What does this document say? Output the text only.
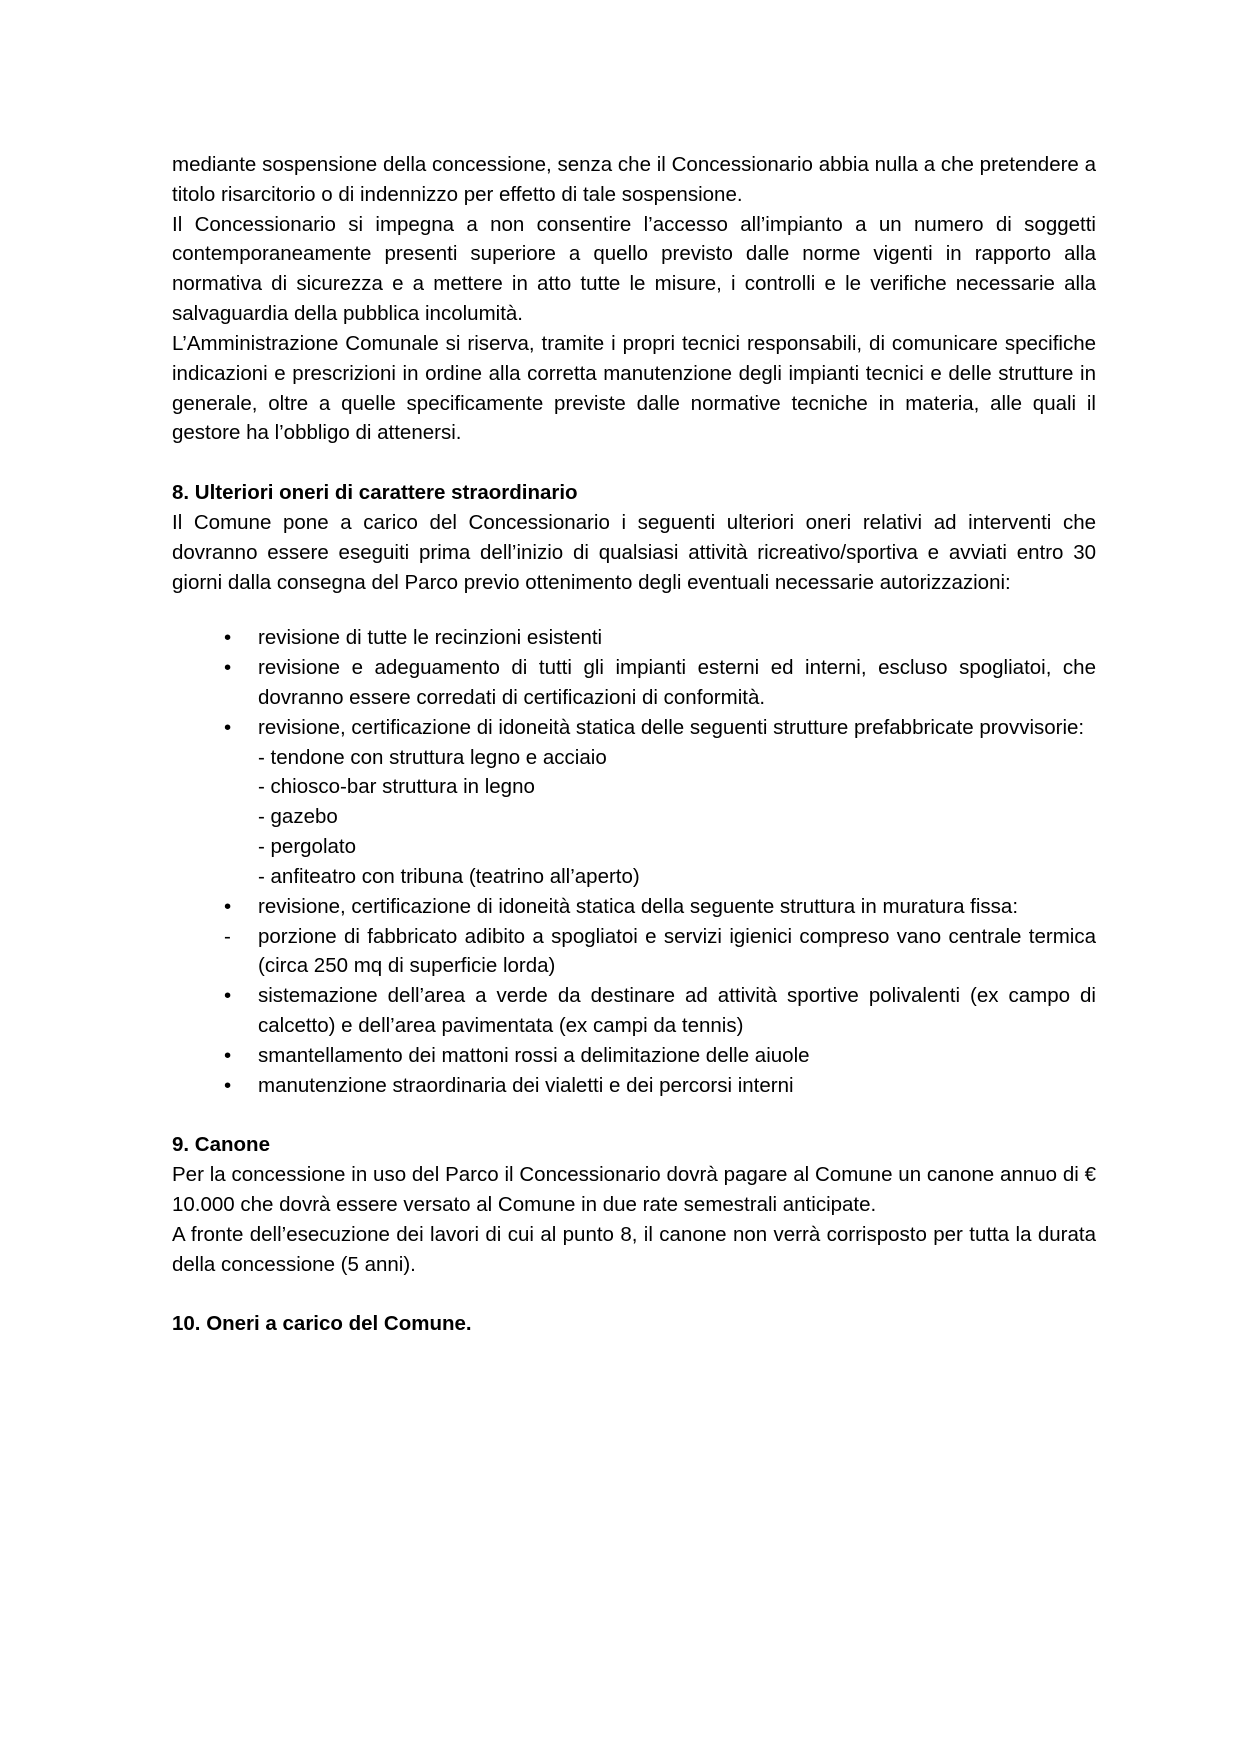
mediante sospensione della concessione, senza che il Concessionario abbia nulla a che pretendere a titolo risarcitorio o di indennizzo per effetto di tale sospensione.

Il Concessionario si impegna a non consentire l’accesso all’impianto a un numero di soggetti contemporaneamente presenti superiore a quello previsto dalle norme vigenti in rapporto alla normativa di sicurezza e a mettere in atto tutte le misure, i controlli e le verifiche necessarie alla salvaguardia della pubblica incolumità.

L’Amministrazione Comunale si riserva, tramite i propri tecnici responsabili, di comunicare specifiche indicazioni e prescrizioni in ordine alla corretta manutenzione degli impianti tecnici e delle strutture in generale, oltre a quelle specificamente previste dalle normative tecniche in materia, alle quali il gestore ha l’obbligo di attenersi.

8. Ulteriori oneri di carattere straordinario

Il Comune pone a carico del Concessionario i seguenti ulteriori oneri relativi ad interventi che dovranno essere eseguiti prima dell’inizio di qualsiasi attività ricreativo/sportiva e avviati entro 30 giorni dalla consegna del Parco previo ottenimento degli eventuali necessarie autorizzazioni:

•	revisione di tutte le recinzioni esistenti
•	revisione e adeguamento di tutti gli impianti esterni ed interni, escluso spogliatoi, che dovranno essere corredati di certificazioni di conformità.
•	revisione, certificazione di idoneità statica delle seguenti strutture prefabbricate provvisorie:

- tendone con struttura legno e acciaio

- chiosco-bar struttura in legno

- gazebo

- pergolato

- anfiteatro con tribuna (teatrino all’aperto)

•	revisione, certificazione di idoneità statica della seguente struttura in muratura fissa:
-	porzione di fabbricato adibito a spogliatoi e servizi igienici compreso vano centrale termica (circa 250 mq di superficie lorda)
•	sistemazione dell’area a verde da destinare ad attività sportive polivalenti (ex campo di calcetto) e dell’area pavimentata (ex campi da tennis)
•	smantellamento dei mattoni rossi a delimitazione delle aiuole
•	manutenzione straordinaria dei vialetti e dei percorsi interni
9. Canone

Per la concessione in uso del Parco il Concessionario dovrà pagare al Comune un canone annuo di € 10.000 che dovrà essere versato al Comune in due rate semestrali anticipate.

A fronte dell’esecuzione dei lavori di cui al punto 8, il canone non verrà corrisposto per tutta la durata della concessione (5 anni).

10. Oneri a carico del Comune.
